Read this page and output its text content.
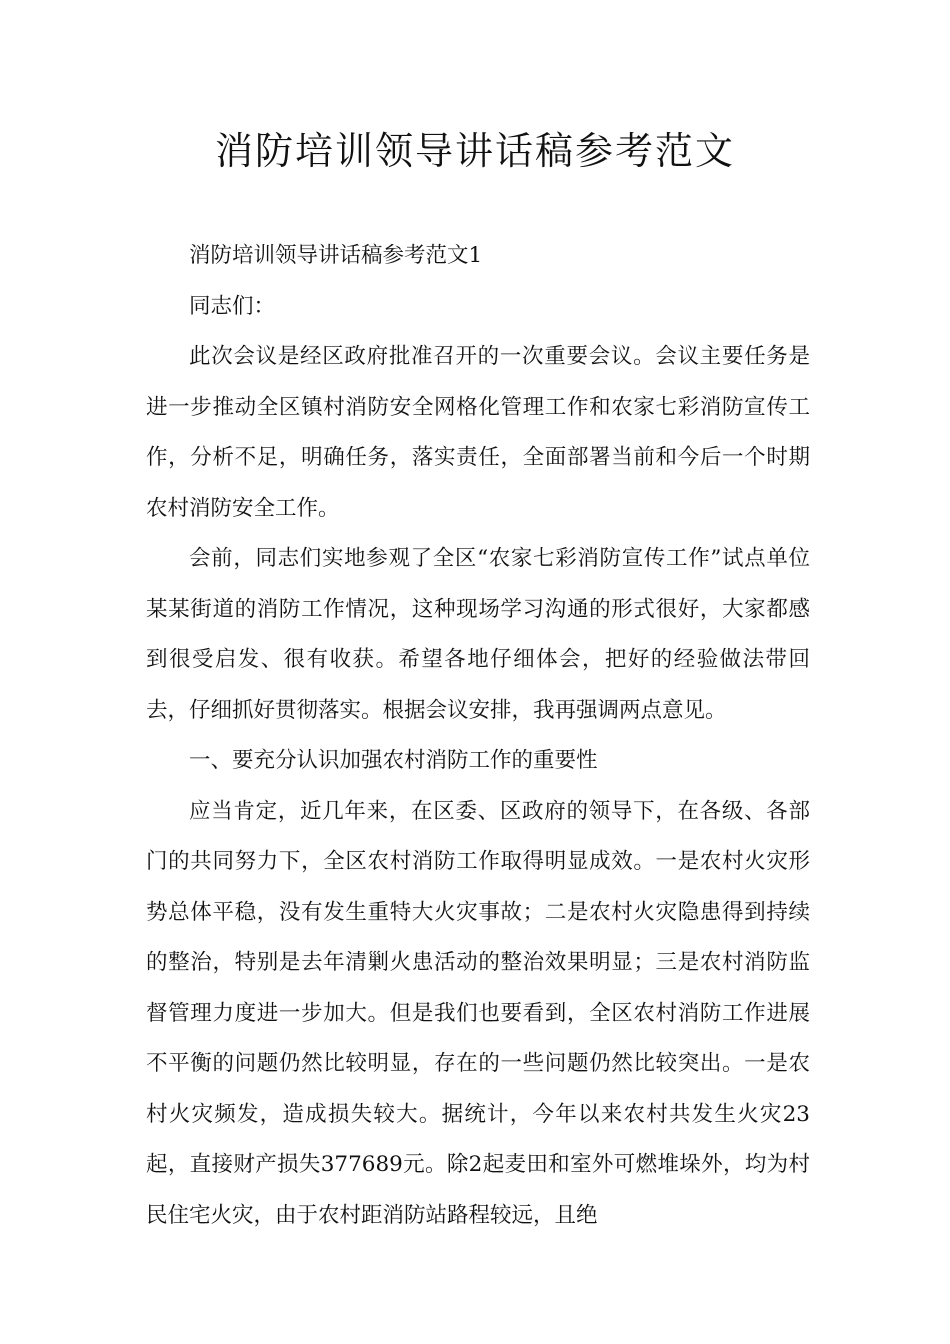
消防培训领导讲话稿参考范文

消防培训领导讲话稿参考范文1

同志们：

此次会议是经区政府批准召开的一次重要会议。会议主要任务是进一步推动全区镇村消防安全网格化管理工作和农家七彩消防宣传工作，分析不足，明确任务，落实责任，全面部署当前和今后一个时期农村消防安全工作。

会前，同志们实地参观了全区“农家七彩消防宣传工作”试点单位某某街道的消防工作情况，这种现场学习沟通的形式很好，大家都感到很受启发、很有收获。希望各地仔细体会，把好的经验做法带回去，仔细抓好贯彻落实。根据会议安排，我再强调两点意见。

一、要充分认识加强农村消防工作的重要性

应当肯定，近几年来，在区委、区政府的领导下，在各级、各部门的共同努力下，全区农村消防工作取得明显成效。一是农村火灾形势总体平稳，没有发生重特大火灾事故；二是农村火灾隐患得到持续的整治，特别是去年清剿火患活动的整治效果明显；三是农村消防监督管理力度进一步加大。但是我们也要看到，全区农村消防工作进展不平衡的问题仍然比较明显，存在的一些问题仍然比较突出。一是农村火灾频发，造成损失较大。据统计，今年以来农村共发生火灾23起，直接财产损失377689元。除2起麦田和室外可燃堆垛外，均为村民住宅火灾，由于农村距消防站路程较远，且绝
